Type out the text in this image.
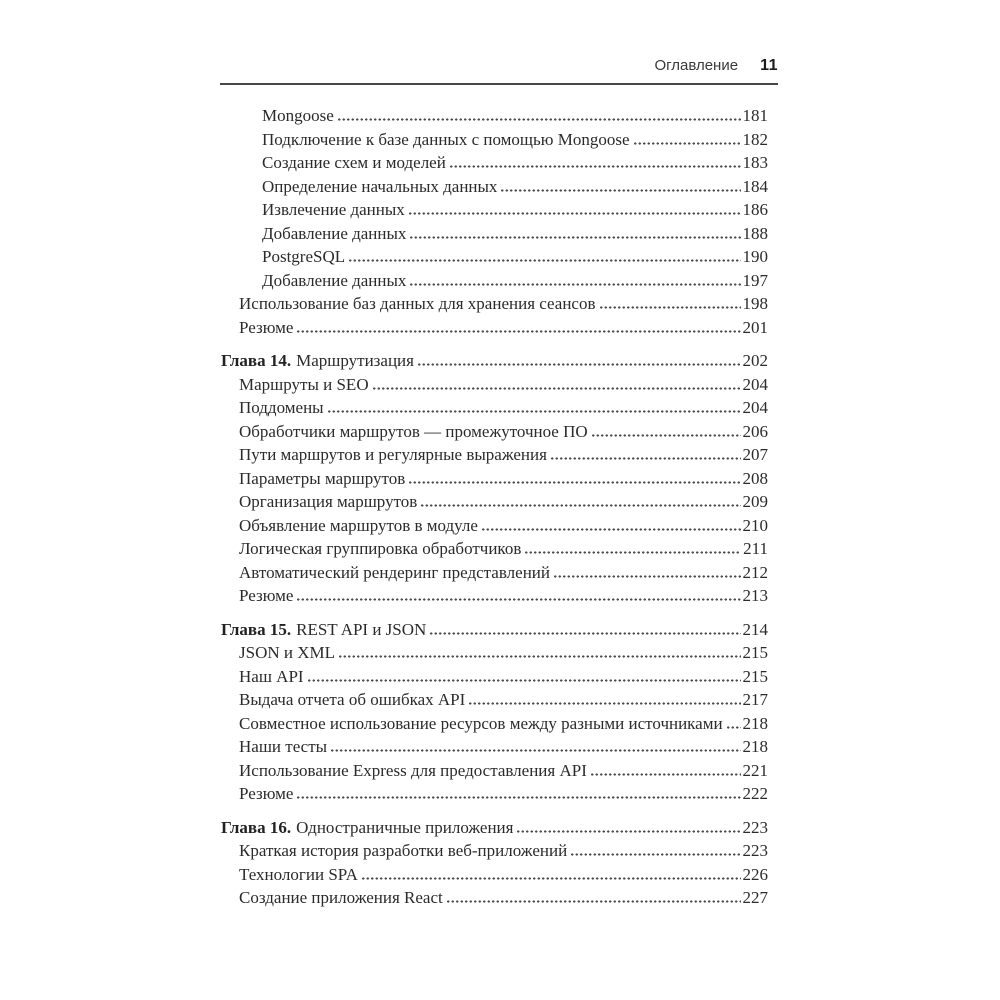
Оглавление 11
Mongoose	181
Подключение к базе данных с помощью Mongoose	182
Создание схем и моделей	183
Определение начальных данных	184
Извлечение данных	186
Добавление данных	188
PostgreSQL	190
Добавление данных	197
Использование баз данных для хранения сеансов	198
Резюме	201
Глава 14. Маршрутизация	202
Маршруты и SEO	204
Поддомены	204
Обработчики маршрутов — промежуточное ПО	206
Пути маршрутов и регулярные выражения	207
Параметры маршрутов	208
Организация маршрутов	209
Объявление маршрутов в модуле	210
Логическая группировка обработчиков	211
Автоматический рендеринг представлений	212
Резюме	213
Глава 15. REST API и JSON	214
JSON и XML	215
Наш API	215
Выдача отчета об ошибках API	217
Совместное использование ресурсов между разными источниками 218
Наши тесты	218
Использование Express для предоставления API	221
Резюме	222
Глава 16. Одностраничные приложения	223
Краткая история разработки веб-приложений	223
Технологии SPA	226
Создание приложения React	227
